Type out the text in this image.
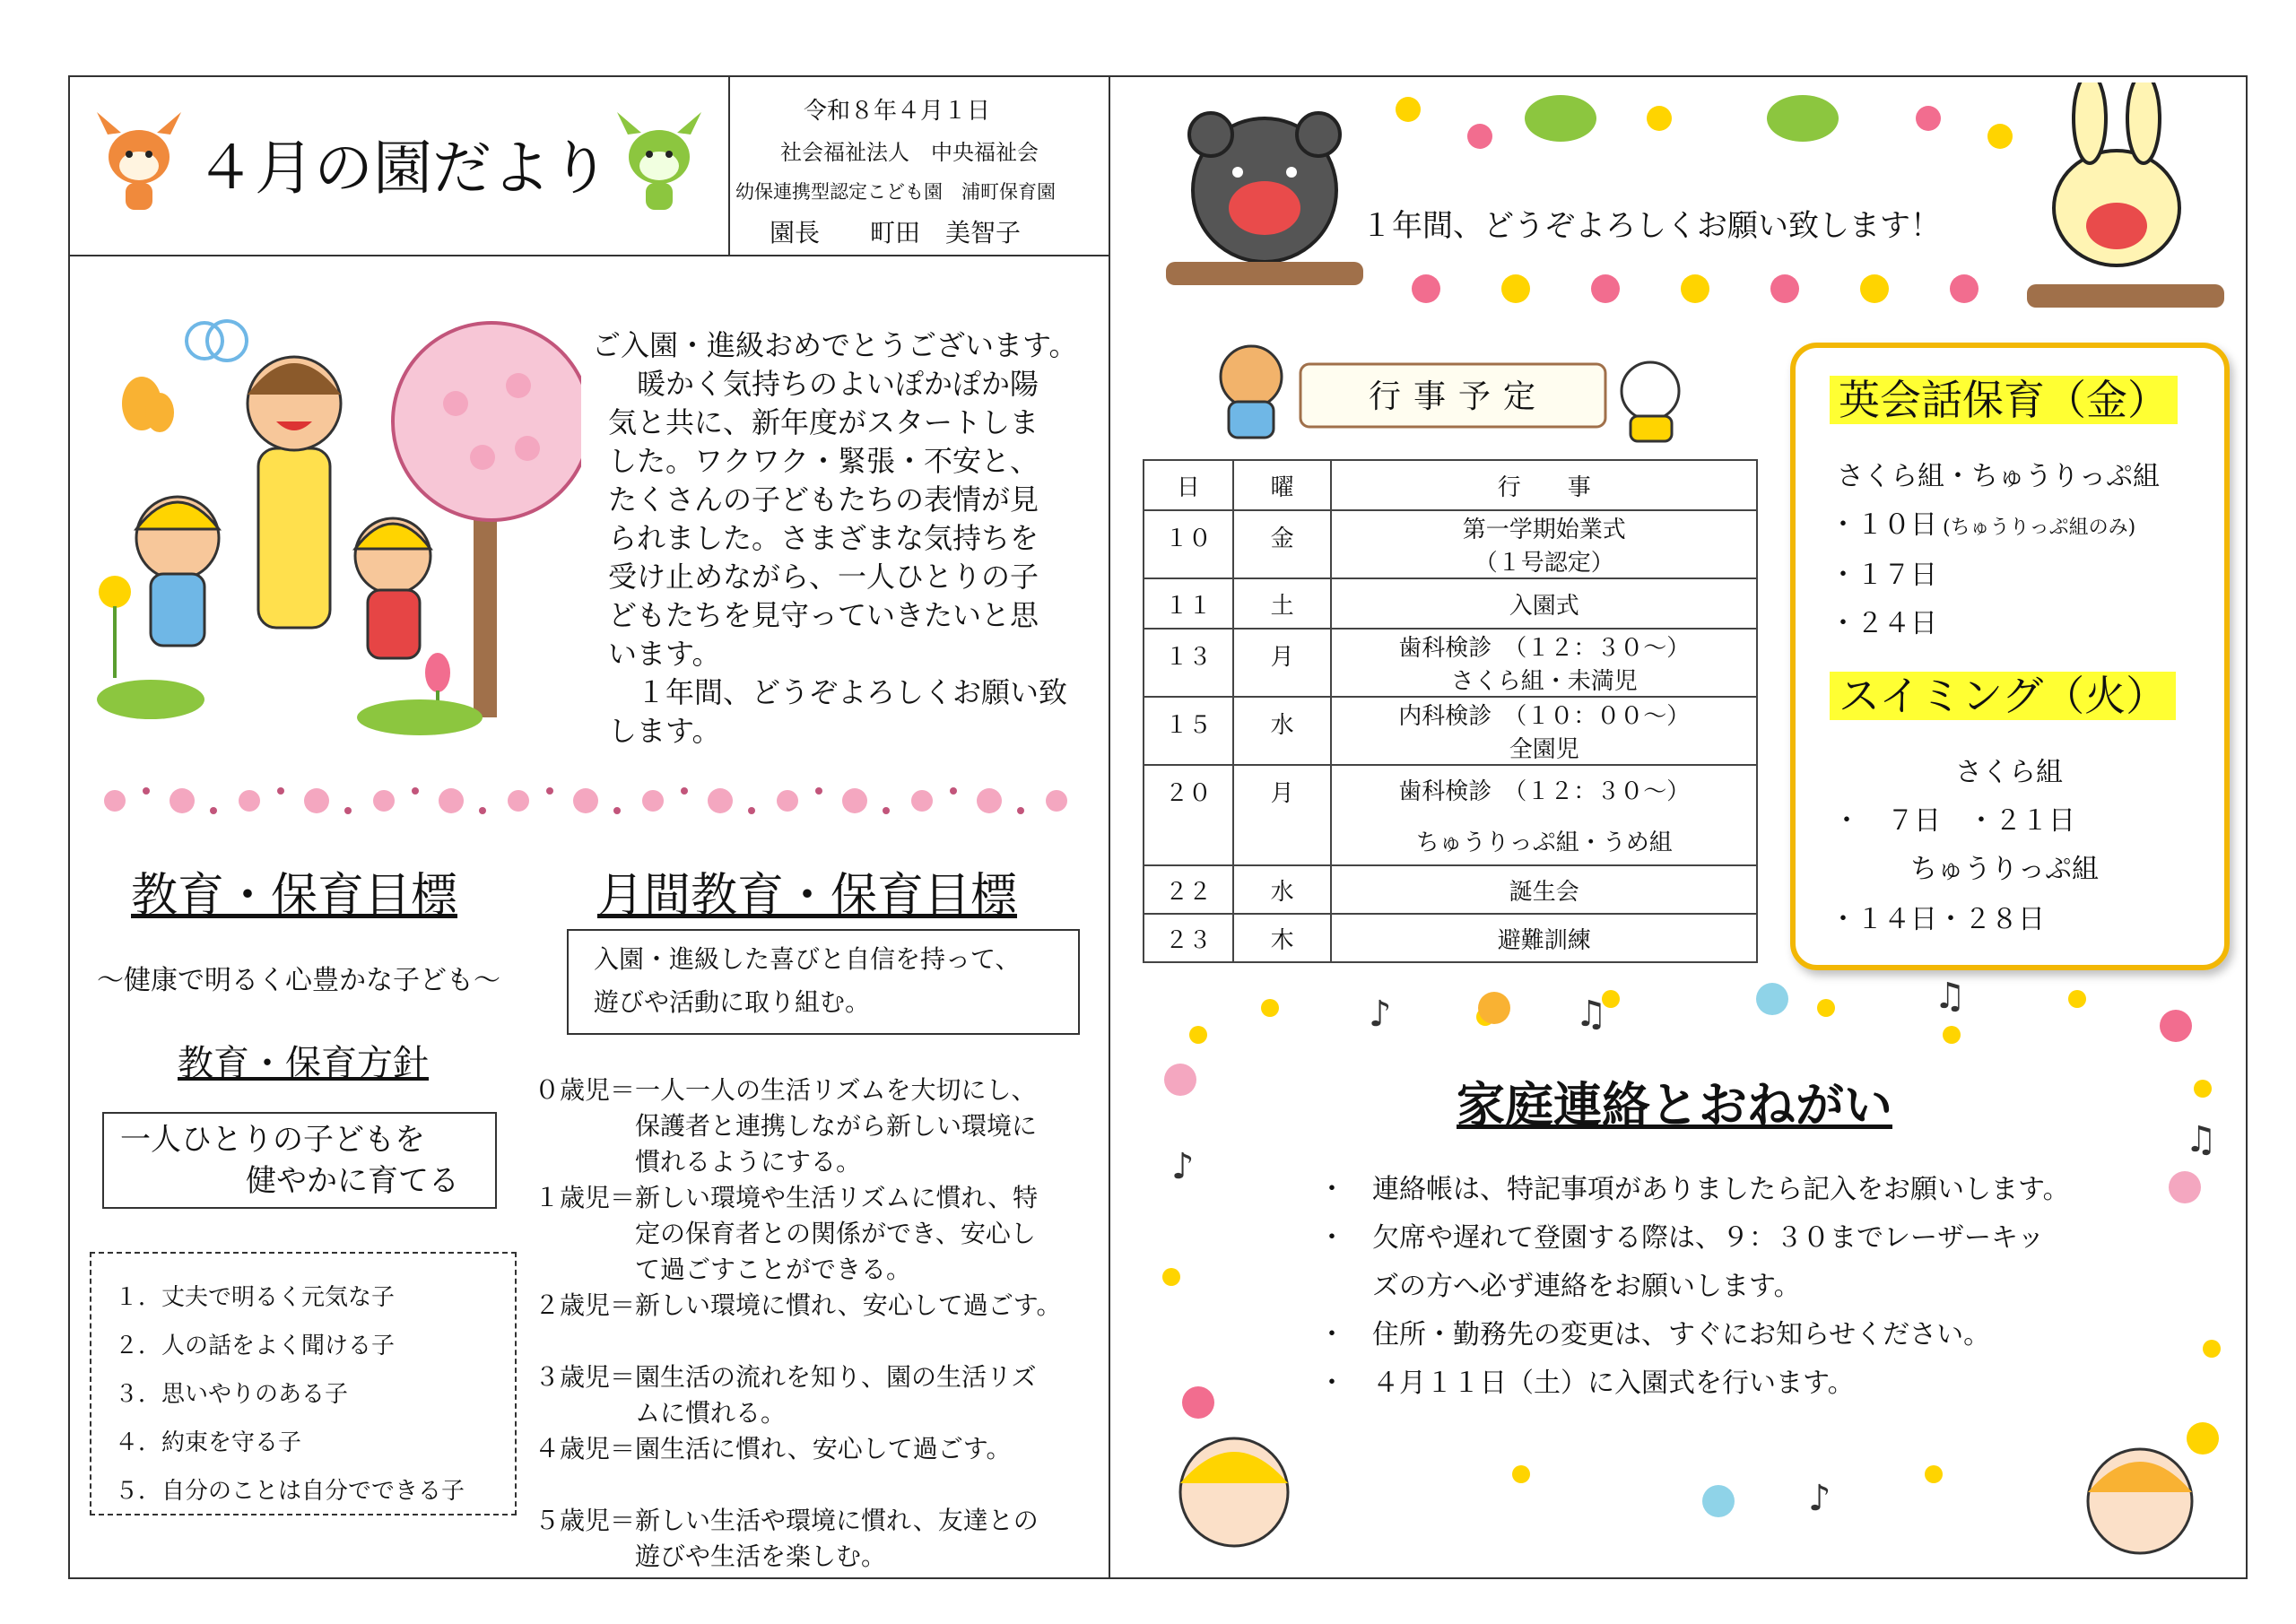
４月の園だより
令和８年４月１日
社会福祉法人　中央福祉会
幼保連携型認定こども園　浦町保育園
園長　　町田　美智子
ご入園・進級おめでとうございます。
　暖かく気持ちのよいぽかぽか陽
気と共に、新年度がスタートしま
した。ワクワク・緊張・不安と、
たくさんの子どもたちの表情が見
られました。さまざまな気持ちを
受け止めながら、一人ひとりの子
どもたちを見守っていきたいと思
います。
　１年間、どうぞよろしくお願い致
します。
教育・保育目標
～健康で明るく心豊かな子ども～
教育・保育方針
一人ひとりの子どもを
健やかに育てる
１．丈夫で明るく元気な子
２．人の話をよく聞ける子
３．思いやりのある子
４．約束を守る子
５．自分のことは自分でできる子
月間教育・保育目標
入園・進級した喜びと自信を持って、
遊びや活動に取り組む。
０歳児＝ 一人一人の生活リズムを大切にし、
保護者と連携しながら新しい環境に
慣れるようにする。
１歳児＝ 新しい環境や生活リズムに慣れ、特
定の保育者との関係ができ、安心し
て過ごすことができる。
２歳児＝ 新しい環境に慣れ、安心して過ごす。
３歳児＝ 園生活の流れを知り、園の生活リズ
ムに慣れる。
４歳児＝ 園生活に慣れ、安心して過ごす。
５歳児＝ 新しい生活や環境に慣れ、友達との
遊びや生活を楽しむ。
１年間、どうぞよろしくお願い致します！
行事予定
日	曜	行　　事
１０	金	第一学期始業式
（１号認定）

１１	土	入園式
１３	月	歯科検診　（１２：３０～）
さくら組・未満児

１５	水	内科検診　（１０：００～）
全園児

２０	月	歯科検診　（１２：３０～）
ちゅうりっぷ組・うめ組

２２	水	誕生会
２３	木	避難訓練
英会話保育（金）
さくら組・ちゅうりっぷ組
・１０日 (ちゅうりっぷ組のみ)
・１７日
・２４日
スイミング（火）
さくら組
・　７日　・２１日
ちゅうりっぷ組
・１４日・２８日
♪	♫	♫
♪
♫
♪
家庭連絡とおねがい
・　連絡帳は、特記事項がありましたら記入をお願いします。
・　欠席や遅れて登園する際は、９：３０までレーザーキッ
　　ズの方へ必ず連絡をお願いします。
・　住所・勤務先の変更は、すぐにお知らせください。
・　４月１１日（土）に入園式を行います。
